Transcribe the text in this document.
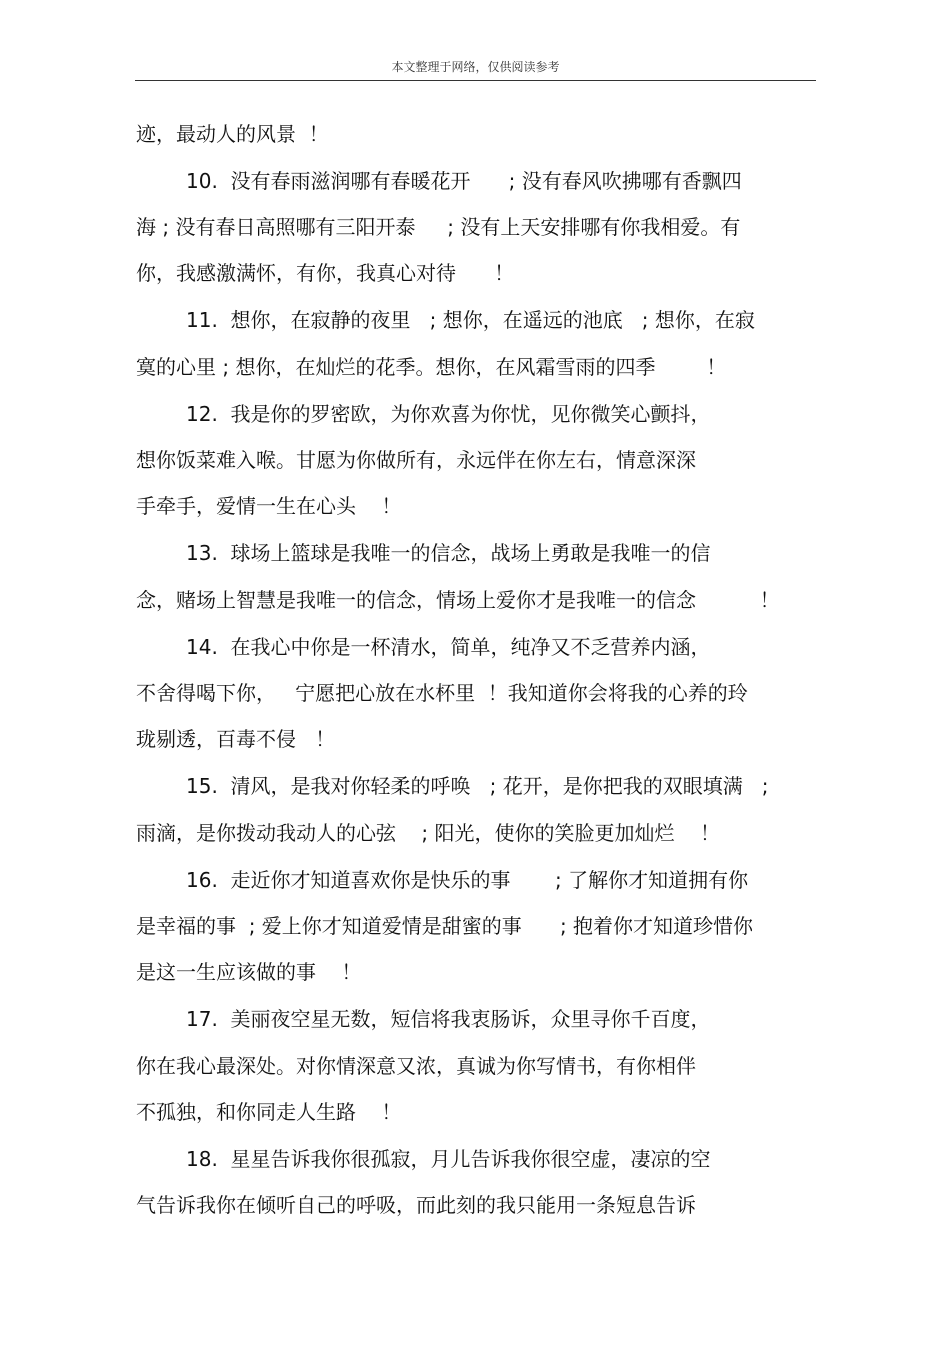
本文整理于网络，仅供阅读参考
迹，最动人的风景  ！
10.  没有春雨滋润哪有春暖花开      ; 没有春风吹拂哪有香飘四
海 ; 没有春日高照哪有三阳开泰     ; 没有上天安排哪有你我相爱。有
你，我感激满怀，有你，我真心对待      ！
11.  想你，在寂静的夜里   ; 想你，在遥远的池底   ; 想你，在寂
寞的心里 ; 想你，在灿烂的花季。想你，在风霜雪雨的四季        ！
12.  我是你的罗密欧，为你欢喜为你忧，见你微笑心颤抖，
想你饭菜难入喉。甘愿为你做所有，永远伴在你左右，情意深深
手牵手，爱情一生在心头    ！
13.  球场上篮球是我唯一的信念，战场上勇敢是我唯一的信
念，赌场上智慧是我唯一的信念，情场上爱你才是我唯一的信念          ！
14.  在我心中你是一杯清水，简单，纯净又不乏营养内涵，
不舍得喝下你，   宁愿把心放在水杯里  ！我知道你会将我的心养的玲
珑剔透，百毒不侵   ！
15.  清风，是我对你轻柔的呼唤   ; 花开，是你把我的双眼填满   ;
雨滴，是你拨动我动人的心弦    ; 阳光，使你的笑脸更加灿烂    ！
16.  走近你才知道喜欢你是快乐的事       ; 了解你才知道拥有你
是幸福的事  ; 爱上你才知道爱情是甜蜜的事      ; 抱着你才知道珍惜你
是这一生应该做的事    ！
17.  美丽夜空星无数，短信将我衷肠诉，众里寻你千百度，
你在我心最深处。对你情深意又浓，真诚为你写情书，有你相伴
不孤独，和你同走人生路    ！
18.  星星告诉我你很孤寂，月儿告诉我你很空虚，凄凉的空
气告诉我你在倾听自己的呼吸，而此刻的我只能用一条短息告诉
